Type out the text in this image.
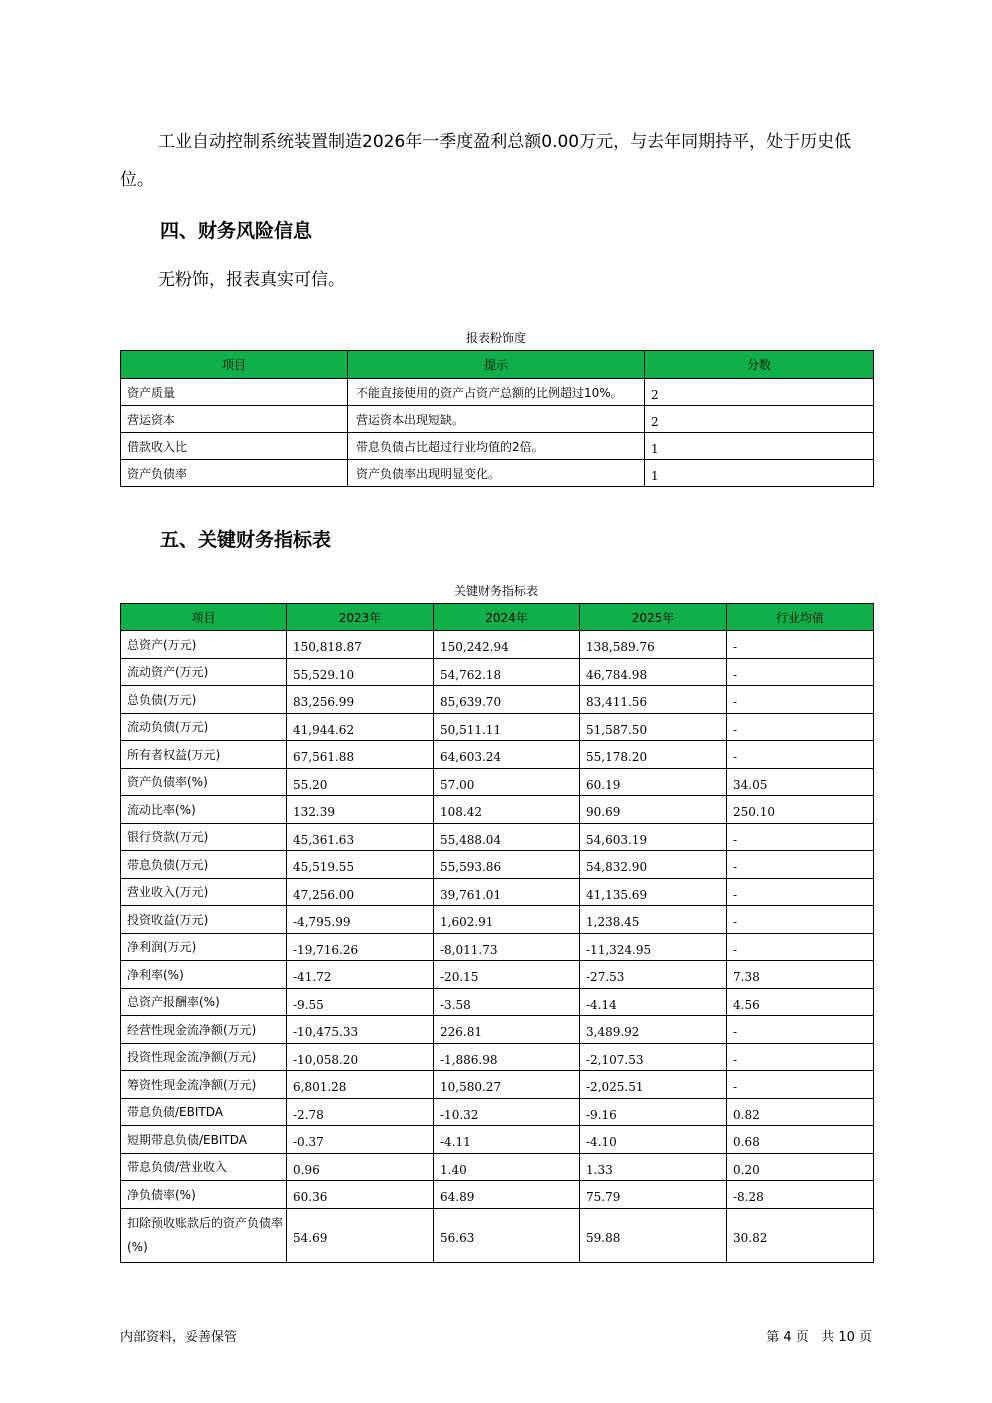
工业自动控制系统装置制造2026年一季度盈利总额0.00万元，与去年同期持平，处于历史低位。
四、财务风险信息
无粉饰，报表真实可信。
报表粉饰度
项目	提示	分数
资产质量	不能直接使用的资产占资产总额的比例超过10%。	2
营运资本	营运资本出现短缺。	2
借款收入比	带息负债占比超过行业均值的2倍。	1
资产负债率	资产负债率出现明显变化。	1
五、关键财务指标表
关键财务指标表
项目	2023年	2024年	2025年	行业均值
总资产(万元)	150,818.87	150,242.94	138,589.76	-
流动资产(万元)	55,529.10	54,762.18	46,784.98	-
总负债(万元)	83,256.99	85,639.70	83,411.56	-
流动负债(万元)	41,944.62	50,511.11	51,587.50	-
所有者权益(万元)	67,561.88	64,603.24	55,178.20	-
资产负债率(%)	55.20	57.00	60.19	34.05
流动比率(%)	132.39	108.42	90.69	250.10
银行贷款(万元)	45,361.63	55,488.04	54,603.19	-
带息负债(万元)	45,519.55	55,593.86	54,832.90	-
营业收入(万元)	47,256.00	39,761.01	41,135.69	-
投资收益(万元)	-4,795.99	1,602.91	1,238.45	-
净利润(万元)	-19,716.26	-8,011.73	-11,324.95	-
净利率(%)	-41.72	-20.15	-27.53	7.38
总资产报酬率(%)	-9.55	-3.58	-4.14	4.56
经营性现金流净额(万元)	-10,475.33	226.81	3,489.92	-
投资性现金流净额(万元)	-10,058.20	-1,886.98	-2,107.53	-
筹资性现金流净额(万元)	6,801.28	10,580.27	-2,025.51	-
带息负债/EBITDA	-2.78	-10.32	-9.16	0.82
短期带息负债/EBITDA	-0.37	-4.11	-4.10	0.68
带息负债/营业收入	0.96	1.40	1.33	0.20
净负债率(%)	60.36	64.89	75.79	-8.28
扣除预收账款后的资产负债率(%)	54.69	56.63	59.88	30.82
内部资料，妥善保管	第 4 页   共 10 页
